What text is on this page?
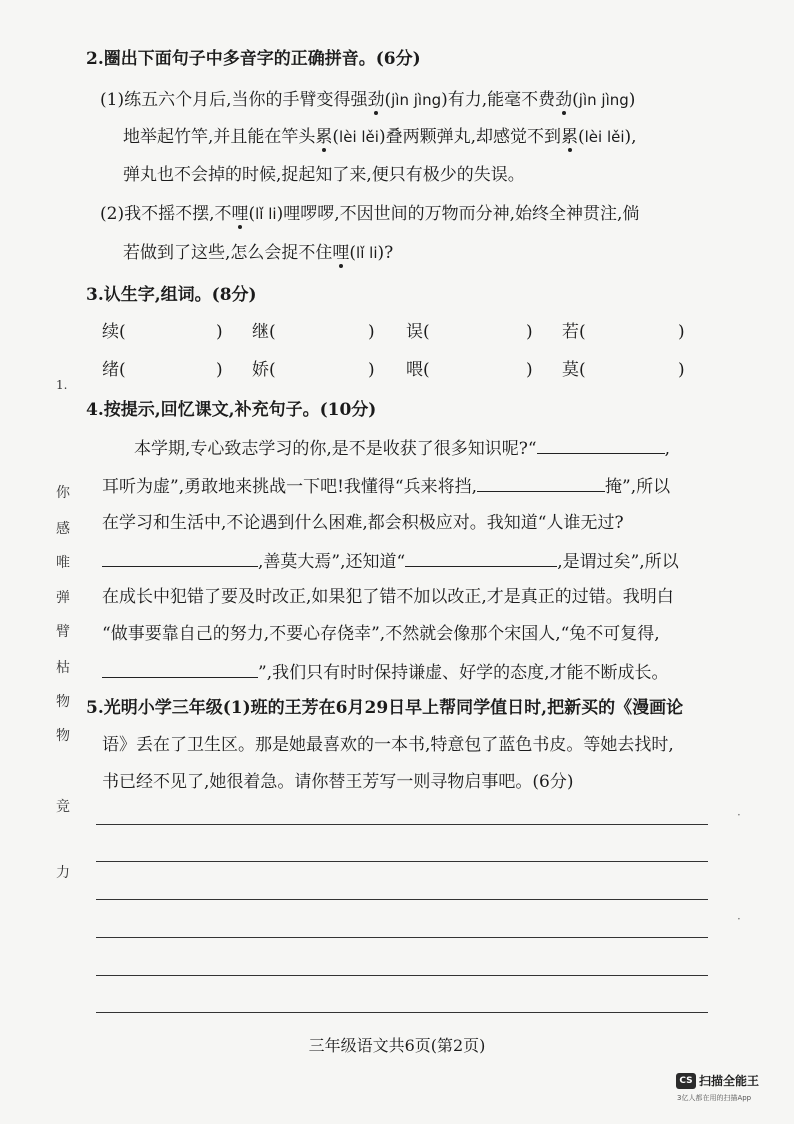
2.圈出下面句子中多音字的正确拼音。(6分)
(1)练五六个月后,当你的手臂变得强劲(jìn jìng)有力,能毫不费劲(jìn jìng)
地举起竹竿,并且能在竿头累(lèi lěi)叠两颗弹丸,却感觉不到累(lèi lěi),
弹丸也不会掉的时候,捉起知了来,便只有极少的失误。
(2)我不摇不摆,不哩(lǐ li)哩啰啰,不因世间的万物而分神,始终全神贯注,倘
若做到了这些,怎么会捉不住哩(lǐ li)?
3.认生字,组词。(8分)
续(	) 继(	) 误(	) 若(	)
绪(	) 娇(	) 喂(	) 莫(	)
4.按提示,回忆课文,补充句子。(10分)
本学期,专心致志学习的你,是不是收获了很多知识呢?“	,
耳听为虚”,勇敢地来挑战一下吧!我懂得“兵来将挡,	掩”,所以
在学习和生活中,不论遇到什么困难,都会积极应对。我知道“人谁无过?
,善莫大焉”,还知道“	,是谓过矣”,所以
在成长中犯错了要及时改正,如果犯了错不加以改正,才是真正的过错。我明白
“做事要靠自己的努力,不要心存侥幸”,不然就会像那个宋国人,“兔不可复得,
”,我们只有时时保持谦虚、好学的态度,才能不断成长。
5.光明小学三年级(1)班的王芳在6月29日早上帮同学值日时,把新买的《漫画论
语》丢在了卫生区。那是她最喜欢的一本书,特意包了蓝色书皮。等她去找时,
书已经不见了,她很着急。请你替王芳写一则寻物启事吧。(6分)
1.
你
感
唯
弹
臂
枯
物
物
竞
力
·
·
三年级语文共6页(第2页)
CS 扫描全能王
3亿人都在用的扫描App
